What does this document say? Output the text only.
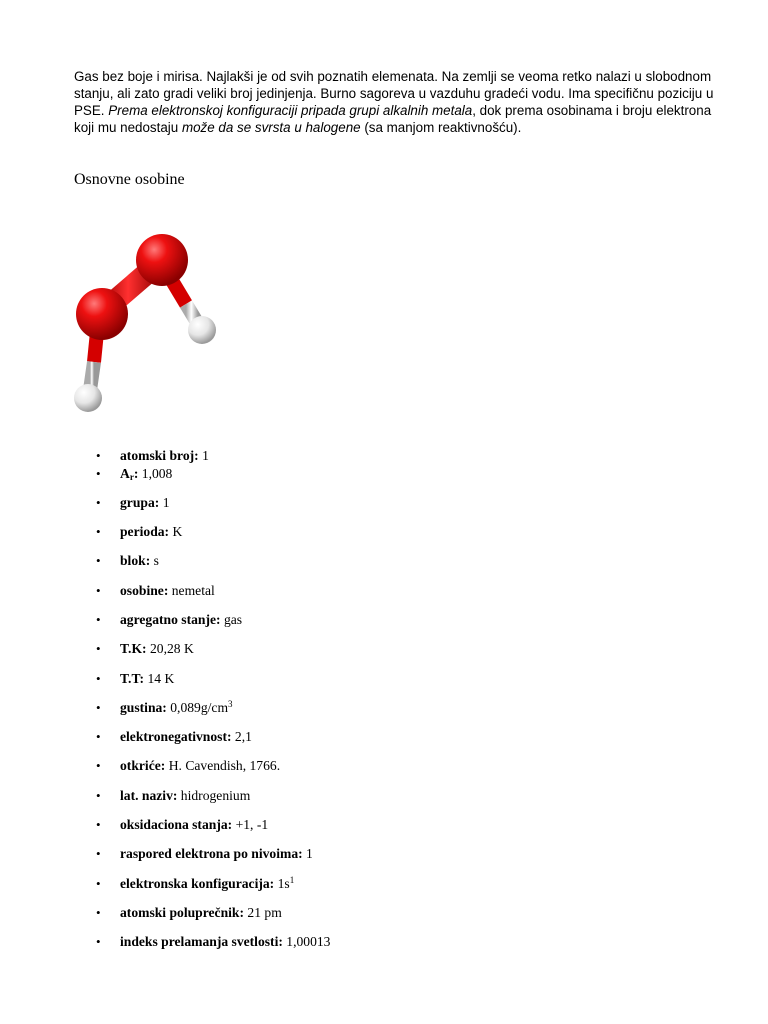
Gas bez boje i mirisa. Najlakši je od svih poznatih elemenata. Na zemlji se veoma retko nalazi u slobodnom stanju, ali zato gradi veliki broj jedinjenja. Burno sagoreva u vazduhu gradeći vodu. Ima specifičnu poziciju u PSE. Prema elektronskoj konfiguraciji pripada grupi alkalnih metala, dok prema osobinama i broju elektrona koji mu nedostaju može da se svrsta u halogene (sa manjom reaktivnošću).

Osnovne osobine
• atomski broj: 1
• $A_r$: 1,008
• grupa: 1
• perioda: K
• blok: s
• osobine: nemetal
• agregatno stanje: gas
• T.K: 20,28 K
• T.T: 14 K
• gustina: $0,089g/cm^3$
• elektronegativnost: 2,1
• otkriće: H. Cavendish, 1766.
• lat. naziv: hidrogenium
• oksidaciona stanja: +1, -1
• raspored elektrona po nivoima: 1
• elektronska konfiguracija: $1s^1$
• atomski poluprečnik: 21 pm
• indeks prelamanja svetlosti: 1,00013
